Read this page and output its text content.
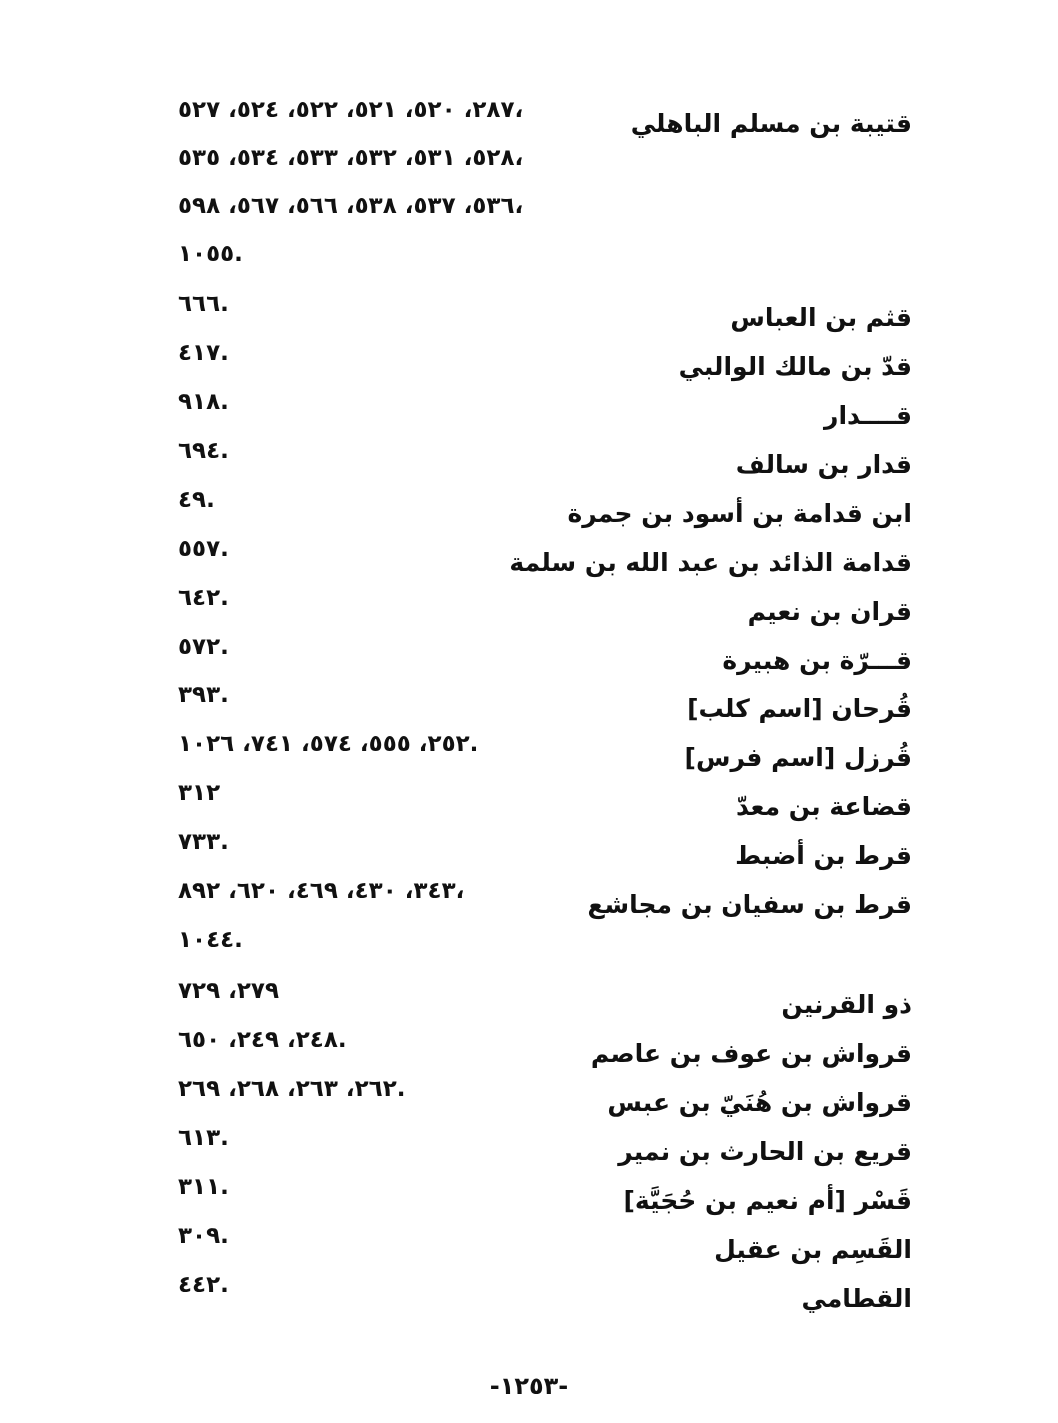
قتيبة بن مسلم الباهلي
٢٨٧، ٥٢٠، ٥٢١، ٥٢٢، ٥٢٤، ٥٢٧،
٥٢٨، ٥٣١، ٥٣٢، ٥٣٣، ٥٣٤، ٥٣٥،
٥٣٦، ٥٣٧، ٥٣٨، ٥٦٦، ٥٦٧، ٥٩٨،
١٠٥٥.
قثم بن العباس
٦٦٦.
قدّ بن مالك الوالبي
٤١٧.
قــــدار
٩١٨.
قدار بن سالف
٦٩٤.
ابن قدامة بن أسود بن جمرة
٤٩.
قدامة الذائد بن عبد الله بن سلمة
٥٥٧.
قران بن نعيم
٦٤٢.
قـــرّة بن هبيرة
٥٧٢.
قُرحان [اسم كلب]
٣٩٣.
قُرزل [اسم فرس]
٢٥٢، ٥٥٥، ٥٧٤، ٧٤١، ١٠٢٦.
قضاعة بن معدّ
٣١٢
قرط بن أضبط
٧٣٣.
قرط بن سفيان بن مجاشع
٣٤٣، ٤٣٠، ٤٦٩، ٦٢٠، ٨٩٢،
١٠٤٤.
ذو القرنين
٢٧٩، ٧٢٩
قرواش بن عوف بن عاصم
٢٤٨، ٢٤٩، ٦٥٠.
قرواش بن هُنَيّ بن عبس
٢٦٢، ٢٦٣، ٢٦٨، ٢٦٩.
قريع بن الحارث بن نمير
٦١٣.
قَسْر [أم نعيم بن حُجَيَّة]
٣١١.
القَسِم بن عقيل
٣٠٩.
القطامي
٤٤٢.
-١٢٥٣-
